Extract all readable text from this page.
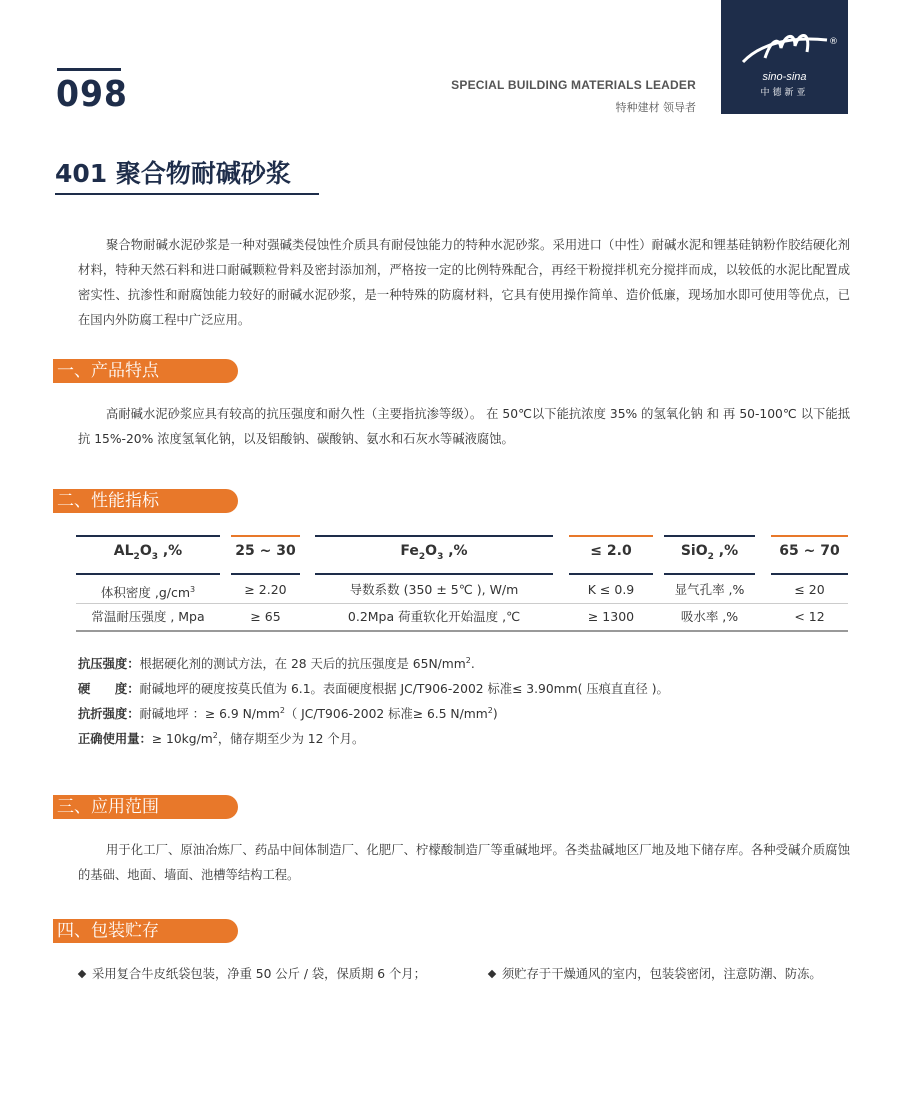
098	SPECIAL BUILDING MATERIALS LEADER
特种建材 领导者
®
sino-sina
中德新亚
401 聚合物耐碱砂浆
聚合物耐碱水泥砂浆是一种对强碱类侵蚀性介质具有耐侵蚀能力的特种水泥砂浆。采用进口（中性）耐碱水泥和锂基硅钠粉作胶结硬化剂材料，特种天然石料和进口耐碱颗粒骨料及密封添加剂，严格按一定的比例特殊配合，再经干粉搅拌机充分搅拌而成，以较低的水泥比配置成密实性、抗渗性和耐腐蚀能力较好的耐碱水泥砂浆，是一种特殊的防腐材料，它具有使用操作简单、造价低廉，现场加水即可使用等优点，已在国内外防腐工程中广泛应用。
一、产品特点
高耐碱水泥砂浆应具有较高的抗压强度和耐久性（主要指抗渗等级）。 在 50℃以下能抗浓度 35% 的氢氧化钠 和 再 50-100℃ 以下能抵抗 15%-20% 浓度氢氧化钠，以及铝酸钠、碳酸钠、氨水和石灰水等碱液腐蚀。
二、性能指标
$AL_2O_3$ ,%
体积密度 $,g/cm^3$
常温耐压强度 , Mpa
25 ~ 30
≥ 2.20
≥ 65
$Fe_2O_3$ ,%
导数系数 (350 ± 5℃ ), W/m
0.2Mpa 荷重软化开始温度 ,℃
≤ 2.0
K ≤ 0.9
≥ 1300
SiO$_2$ ,%
显气孔率 ,%
吸水率 ,%
65 ~ 70
≤ 20
< 12
抗压强度：根据硬化剂的测试方法，在 28 天后的抗压强度是 $65N/mm^2$.
硬　　度：耐碱地坪的硬度按莫氏值为 6.1。表面硬度根据 JC/T906-2002 标准≤ 3.90mm( 压痕直直径 )。
抗折强度：耐碱地坪 ：≥ 6.9 $N/mm^2$（ JC/T906-2002 标准≥ 6.5 $N/mm^2$)
正确使用量：≥ $10kg/m^2$，储存期至少为 12 个月。
三、应用范围
用于化工厂、原油冶炼厂、药品中间体制造厂、化肥厂、柠檬酸制造厂等重碱地坪。各类盐碱地区厂地及地下储存库。各种受碱介质腐蚀的基础、地面、墙面、池槽等结构工程。
四、包装贮存
采用复合牛皮纸袋包装，净重 50 公斤 / 袋，保质期 6 个月；	须贮存于干燥通风的室内，包装袋密闭，注意防潮、防冻。
